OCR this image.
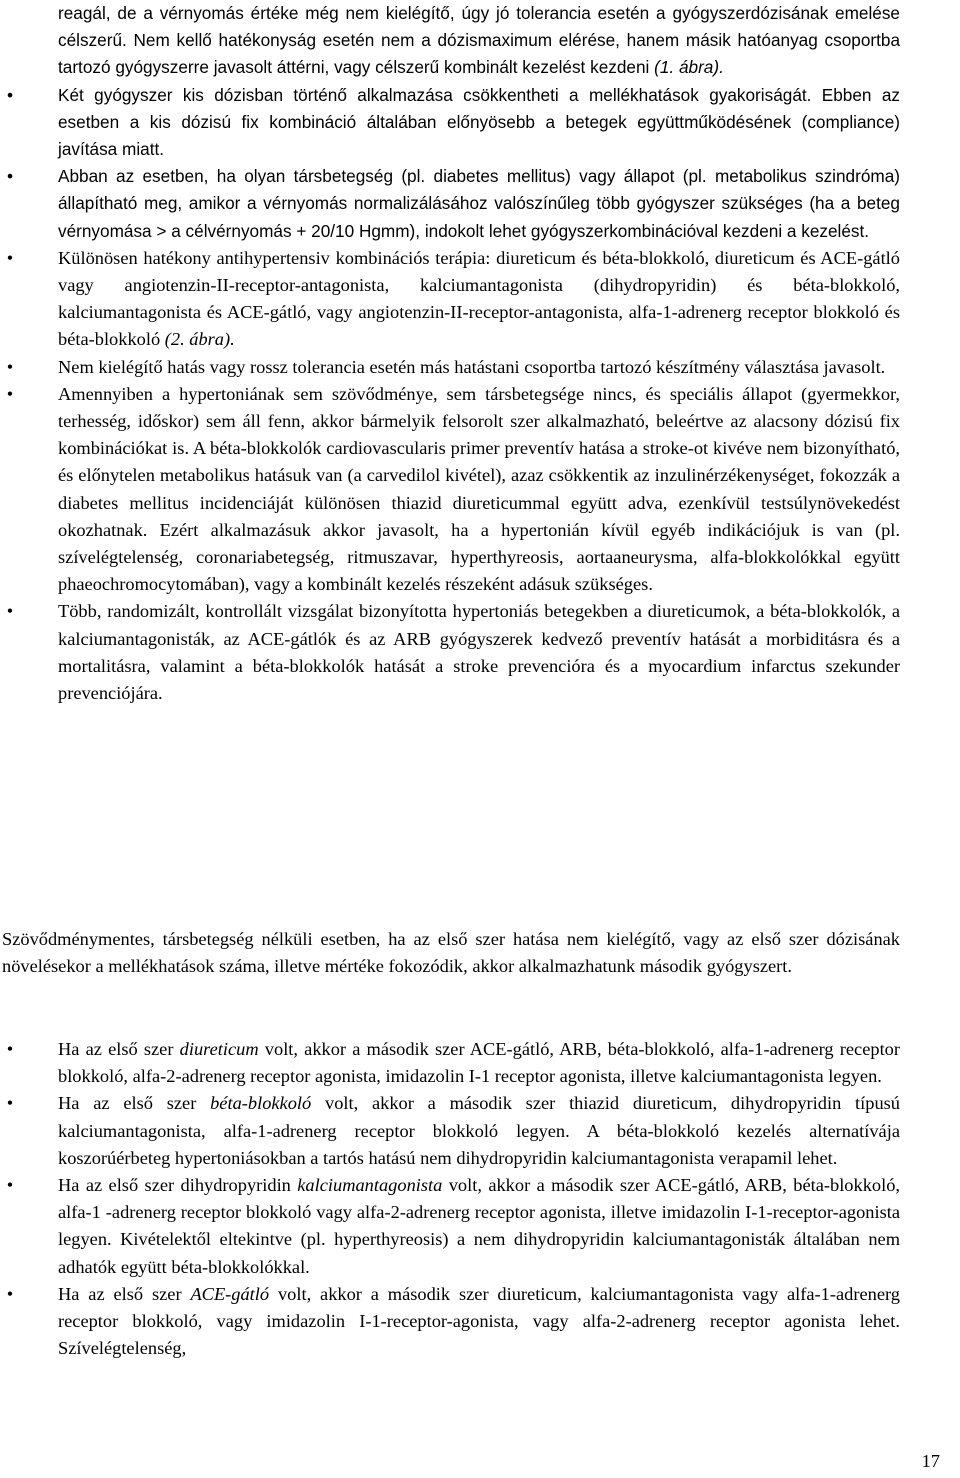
reagál, de a vérnyomás értéke még nem kielégítő, úgy jó tolerancia esetén a gyógyszerdózisának emelése célszerű. Nem kellő hatékonyság esetén nem a dózismaximum elérése, hanem másik hatóanyag csoportba tartozó gyógyszerre javasolt áttérni, vagy célszerű kombinált kezelést kezdeni (1. ábra).
•	Két gyógyszer kis dózisban történő alkalmazása csökkentheti a mellékhatások gyakoriságát. Ebben az esetben a kis dózisú fix kombináció általában előnyösebb a betegek együttműködésének (compliance) javítása miatt.
•	Abban az esetben, ha olyan társbetegség (pl. diabetes mellitus) vagy állapot (pl. metabolikus szindróma) állapítható meg, amikor a vérnyomás normalizálásához valószínűleg több gyógyszer szükséges (ha a beteg vérnyomása > a célvérnyomás + 20/10 Hgmm), indokolt lehet gyógyszerkombinációval kezdeni a kezelést.
• Különösen hatékony antihypertensiv kombinációs terápia: diureticum és béta-blokkoló, diureticum és ACE-gátló vagy angiotenzin-II-receptor-antagonista, kalciumantagonista (dihydropyridin) és béta-blokkoló, kalciumantagonista és ACE-gátló, vagy angiotenzin-II-receptor-antagonista, alfa-1-adrenerg receptor blokkoló és béta-blokkoló (2. ábra).
• Nem kielégítő hatás vagy rossz tolerancia esetén más hatástani csoportba tartozó készítmény választása javasolt.
• Amennyiben a hypertoniának sem szövődménye, sem társbetegsége nincs, és speciális állapot (gyermekkor, terhesség, időskor) sem áll fenn, akkor bármelyik felsorolt szer alkalmazható, beleértve az alacsony dózisú fix kombinációkat is. A béta-blokkolók cardiovascularis primer preventív hatása a stroke-ot kivéve nem bizonyítható, és előnytelen metabolikus hatásuk van (a carvedilol kivétel), azaz csökkentik az inzulinérzékenységet, fokozzák a diabetes mellitus incidenciáját különösen thiazid diureticummal együtt adva, ezenkívül testsúlynövekedést okozhatnak. Ezért alkalmazásuk akkor javasolt, ha a hypertonián kívül egyéb indikációjuk is van (pl. szívelégtelenség, coronariabetegség, ritmuszavar, hyperthyreosis, aortaaneurysma, alfa-blokkolókkal együtt phaeochromocytomában), vagy a kombinált kezelés részeként adásuk szükséges.
• Több, randomizált, kontrollált vizsgálat bizonyította hypertoniás betegekben a diureticumok, a béta-blokkolók, a kalciumantagonisták, az ACE-gátlók és az ARB gyógyszerek kedvező preventív hatását a morbiditásra és a mortalitásra, valamint a béta-blokkolók hatását a stroke prevencióra és a myocardium infarctus szekunder prevenciójára.
Szövődménymentes, társbetegség nélküli esetben, ha az első szer hatása nem kielégítő, vagy az első szer dózisának növelésekor a mellékhatások száma, illetve mértéke fokozódik, akkor alkalmazhatunk második gyógyszert.
• Ha az első szer diureticum volt, akkor a második szer ACE-gátló, ARB, béta-blokkoló, alfa-1-adrenerg receptor blokkoló, alfa-2-adrenerg receptor agonista, imidazolin I-1 receptor agonista, illetve kalciumantagonista legyen.
• Ha az első szer béta-blokkoló volt, akkor a második szer thiazid diureticum, dihydropyridin típusú kalciumantagonista, alfa-1-adrenerg receptor blokkoló legyen. A béta-blokkoló kezelés alternatívája koszorúérbeteg hypertoniásokban a tartós hatású nem dihydropyridin kalciumantagonista verapamil lehet.
• Ha az első szer dihydropyridin kalciumantagonista volt, akkor a második szer ACE-gátló, ARB, béta-blokkoló, alfa-1 -adrenerg receptor blokkoló vagy alfa-2-adrenerg receptor agonista, illetve imidazolin I-1-receptor-agonista legyen. Kivételektől eltekintve (pl. hyperthyreosis) a nem dihydropyridin kalciumantagonisták általában nem adhatók együtt béta-blokkolókkal.
• Ha az első szer ACE-gátló volt, akkor a második szer diureticum, kalciumantagonista vagy alfa-1-adrenerg receptor blokkoló, vagy imidazolin I-1-receptor-agonista, vagy alfa-2-adrenerg receptor agonista lehet. Szívelégtelenség,
17
